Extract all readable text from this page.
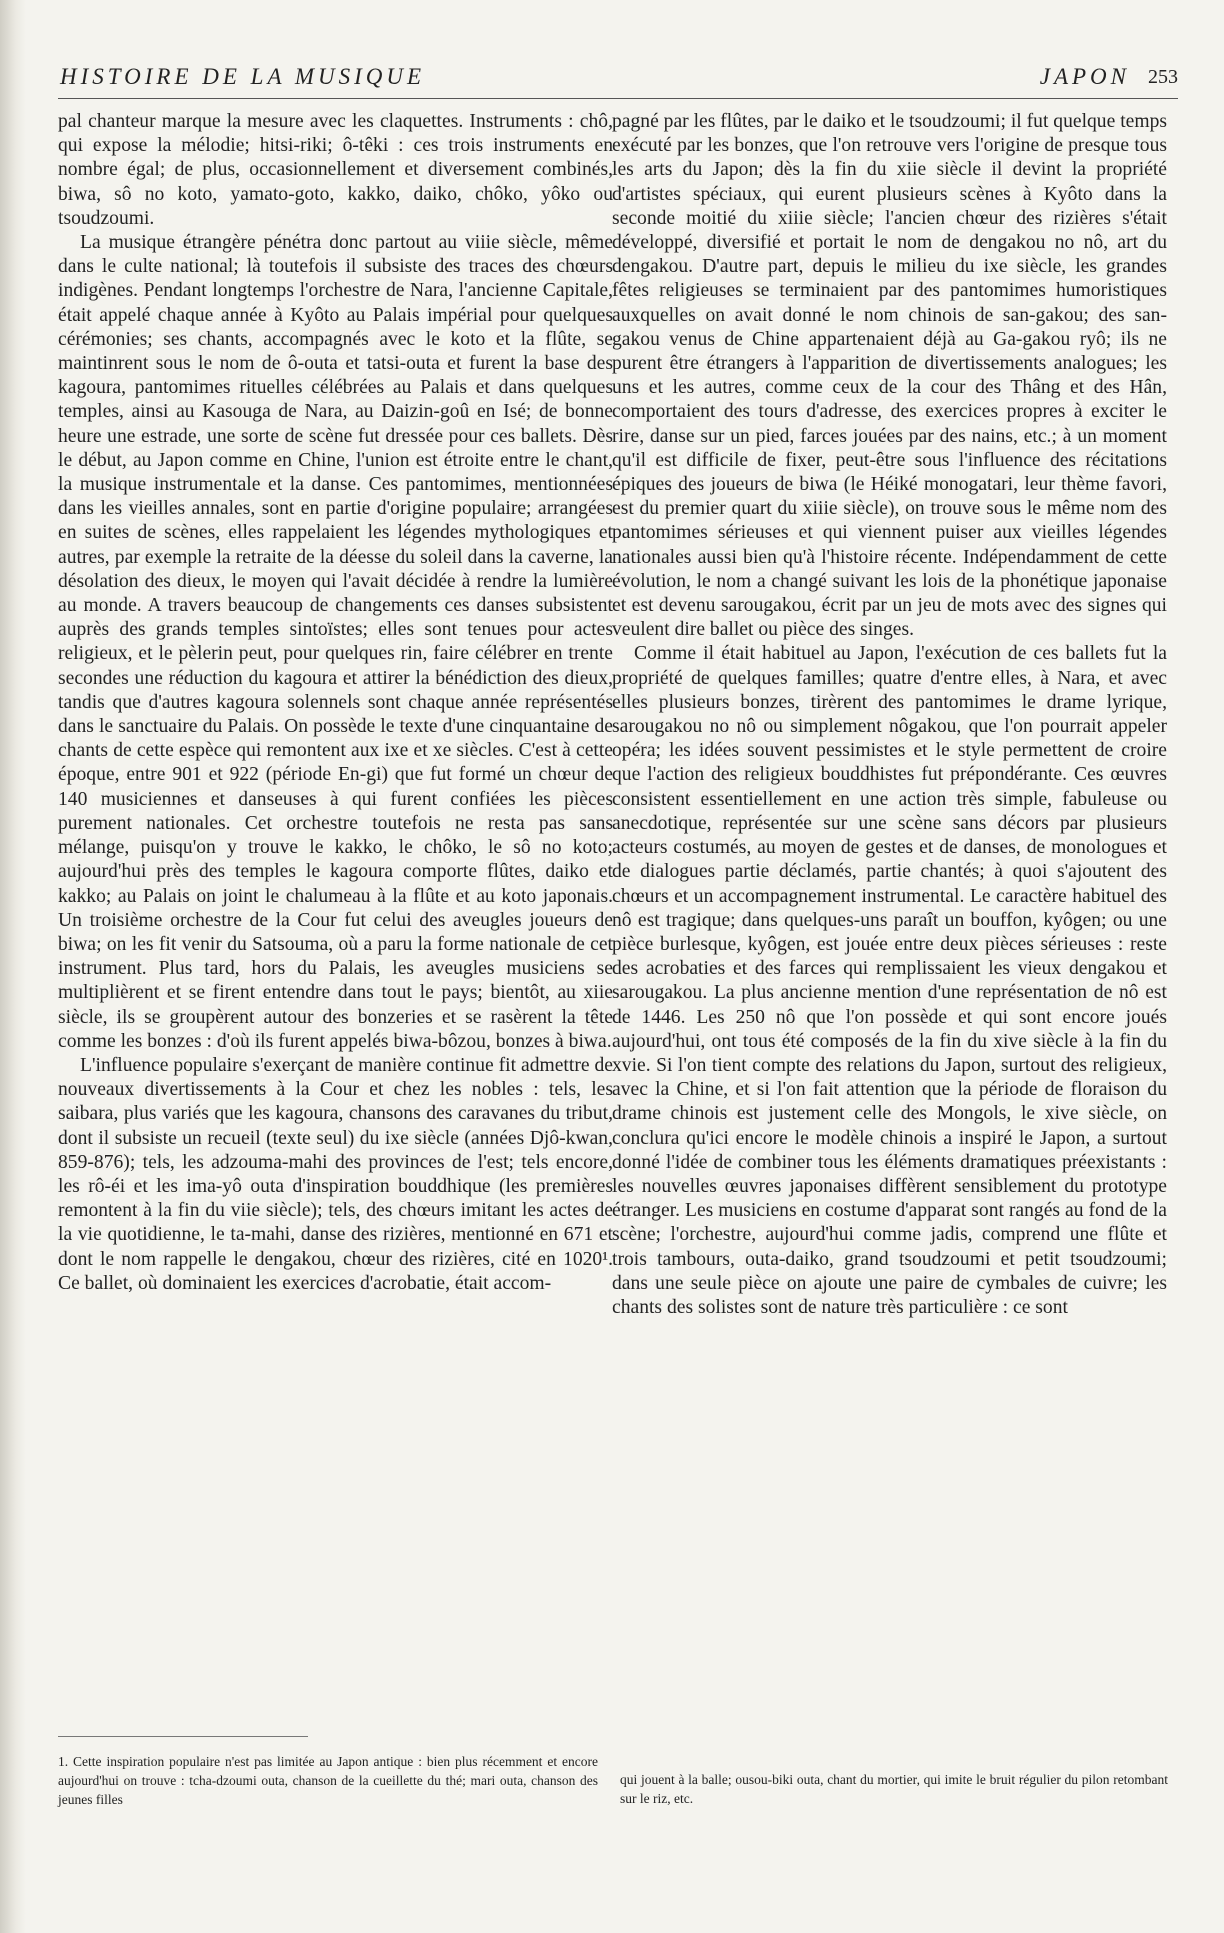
HISTOIRE DE LA MUSIQUE	JAPON 253

pal chanteur marque la mesure avec les claquettes. Instruments : chô, qui expose la mélodie; hitsi-riki; ô-têki : ces trois instruments en nombre égal; de plus, occasionnellement et diversement combinés, biwa, sô no koto, yamato-goto, kakko, daiko, chôko, yôko ou tsoudzoumi.

La musique étrangère pénétra donc partout au viiie siècle, même dans le culte national; là toutefois il subsiste des traces des chœurs indigènes. Pendant longtemps l'orchestre de Nara, l'ancienne Capitale, était appelé chaque année à Kyôto au Palais impérial pour quelques cérémonies; ses chants, accompagnés avec le koto et la flûte, se maintinrent sous le nom de ô-outa et tatsi-outa et furent la base des kagoura, pantomimes rituelles célébrées au Palais et dans quelques temples, ainsi au Kasouga de Nara, au Daizin-goû en Isé; de bonne heure une estrade, une sorte de scène fut dressée pour ces ballets. Dès le début, au Japon comme en Chine, l'union est étroite entre le chant, la musique instrumentale et la danse. Ces pantomimes, mentionnées dans les vieilles annales, sont en partie d'origine populaire; arrangées en suites de scènes, elles rappelaient les légendes mythologiques et autres, par exemple la retraite de la déesse du soleil dans la caverne, la désolation des dieux, le moyen qui l'avait décidée à rendre la lumière au monde. A travers beaucoup de changements ces danses subsistent auprès des grands temples sintoïstes; elles sont tenues pour actes religieux, et le pèlerin peut, pour quelques rin, faire célébrer en trente secondes une réduction du kagoura et attirer la bénédiction des dieux, tandis que d'autres kagoura solennels sont chaque année représentés dans le sanctuaire du Palais. On possède le texte d'une cinquantaine de chants de cette espèce qui remontent aux ixe et xe siècles. C'est à cette époque, entre 901 et 922 (période En-gi) que fut formé un chœur de 140 musiciennes et danseuses à qui furent confiées les pièces purement nationales. Cet orchestre toutefois ne resta pas sans mélange, puisqu'on y trouve le kakko, le chôko, le sô no koto; aujourd'hui près des temples le kagoura comporte flûtes, daiko et kakko; au Palais on joint le chalumeau à la flûte et au koto japonais. Un troisième orchestre de la Cour fut celui des aveugles joueurs de biwa; on les fit venir du Satsouma, où a paru la forme nationale de cet instrument. Plus tard, hors du Palais, les aveugles musiciens se multiplièrent et se firent entendre dans tout le pays; bientôt, au xiie siècle, ils se groupèrent autour des bonzeries et se rasèrent la tête comme les bonzes : d'où ils furent appelés biwa-bôzou, bonzes à biwa.

L'influence populaire s'exerçant de manière continue fit admettre de nouveaux divertissements à la Cour et chez les nobles : tels, les saibara, plus variés que les kagoura, chansons des caravanes du tribut, dont il subsiste un recueil (texte seul) du ixe siècle (années Djô-kwan, 859-876); tels, les adzouma-mahi des provinces de l'est; tels encore, les rô-éi et les ima-yô outa d'inspiration bouddhique (les premières remontent à la fin du viie siècle); tels, des chœurs imitant les actes de la vie quotidienne, le ta-mahi, danse des rizières, mentionné en 671 et dont le nom rappelle le dengakou, chœur des rizières, cité en 1020¹. Ce ballet, où dominaient les exercices d'acrobatie, était accom-

pagné par les flûtes, par le daiko et le tsoudzoumi; il fut quelque temps exécuté par les bonzes, que l'on retrouve vers l'origine de presque tous les arts du Japon; dès la fin du xiie siècle il devint la propriété d'artistes spéciaux, qui eurent plusieurs scènes à Kyôto dans la seconde moitié du xiiie siècle; l'ancien chœur des rizières s'était développé, diversifié et portait le nom de dengakou no nô, art du dengakou. D'autre part, depuis le milieu du ixe siècle, les grandes fêtes religieuses se terminaient par des pantomimes humoristiques auxquelles on avait donné le nom chinois de san-gakou; des san-gakou venus de Chine appartenaient déjà au Ga-gakou ryô; ils ne purent être étrangers à l'apparition de divertissements analogues; les uns et les autres, comme ceux de la cour des Thâng et des Hân, comportaient des tours d'adresse, des exercices propres à exciter le rire, danse sur un pied, farces jouées par des nains, etc.; à un moment qu'il est difficile de fixer, peut-être sous l'influence des récitations épiques des joueurs de biwa (le Héiké monogatari, leur thème favori, est du premier quart du xiiie siècle), on trouve sous le même nom des pantomimes sérieuses et qui viennent puiser aux vieilles légendes nationales aussi bien qu'à l'histoire récente. Indépendamment de cette évolution, le nom a changé suivant les lois de la phonétique japonaise et est devenu sarougakou, écrit par un jeu de mots avec des signes qui veulent dire ballet ou pièce des singes.

Comme il était habituel au Japon, l'exécution de ces ballets fut la propriété de quelques familles; quatre d'entre elles, à Nara, et avec elles plusieurs bonzes, tirèrent des pantomimes le drame lyrique, sarougakou no nô ou simplement nôgakou, que l'on pourrait appeler opéra; les idées souvent pessimistes et le style permettent de croire que l'action des religieux bouddhistes fut prépondérante. Ces œuvres consistent essentiellement en une action très simple, fabuleuse ou anecdotique, représentée sur une scène sans décors par plusieurs acteurs costumés, au moyen de gestes et de danses, de monologues et de dialogues partie déclamés, partie chantés; à quoi s'ajoutent des chœurs et un accompagnement instrumental. Le caractère habituel des nô est tragique; dans quelques-uns paraît un bouffon, kyôgen; ou une pièce burlesque, kyôgen, est jouée entre deux pièces sérieuses : reste des acrobaties et des farces qui remplissaient les vieux dengakou et sarougakou. La plus ancienne mention d'une représentation de nô est de 1446. Les 250 nô que l'on possède et qui sont encore joués aujourd'hui, ont tous été composés de la fin du xive siècle à la fin du xvie. Si l'on tient compte des relations du Japon, surtout des religieux, avec la Chine, et si l'on fait attention que la période de floraison du drame chinois est justement celle des Mongols, le xive siècle, on conclura qu'ici encore le modèle chinois a inspiré le Japon, a surtout donné l'idée de combiner tous les éléments dramatiques préexistants : les nouvelles œuvres japonaises diffèrent sensiblement du prototype étranger. Les musiciens en costume d'apparat sont rangés au fond de la scène; l'orchestre, aujourd'hui comme jadis, comprend une flûte et trois tambours, outa-daiko, grand tsoudzoumi et petit tsoudzoumi; dans une seule pièce on ajoute une paire de cymbales de cuivre; les chants des solistes sont de nature très particulière : ce sont

1. Cette inspiration populaire n'est pas limitée au Japon antique : bien plus récemment et encore aujourd'hui on trouve : tcha-dzoumi outa, chanson de la cueillette du thé; mari outa, chanson des jeunes filles

qui jouent à la balle; ousou-biki outa, chant du mortier, qui imite le bruit régulier du pilon retombant sur le riz, etc.
